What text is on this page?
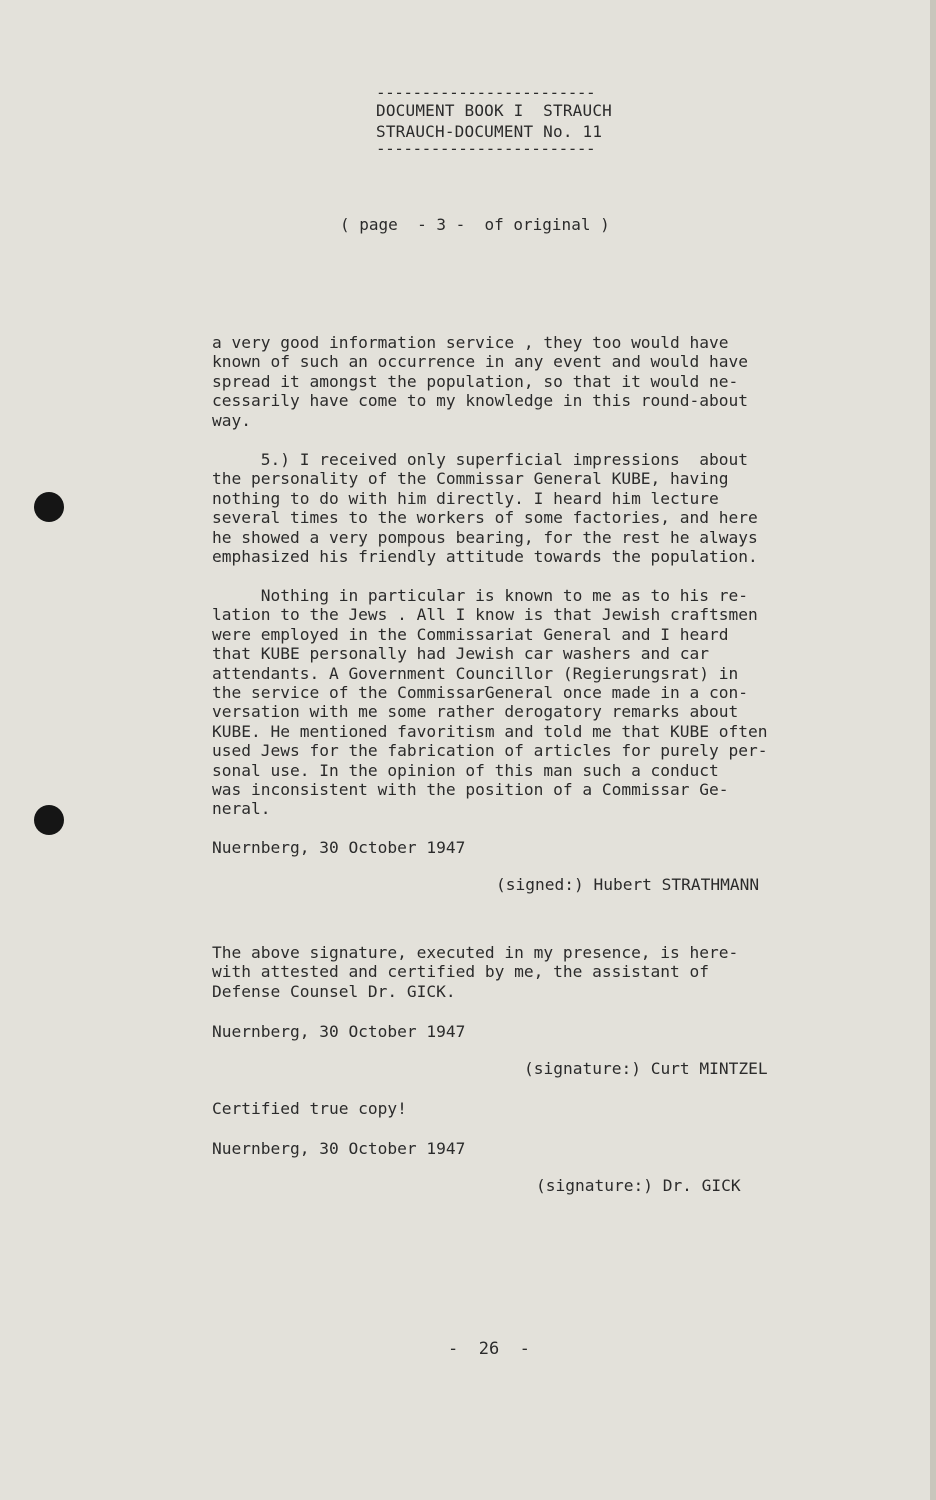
------------------------
DOCUMENT BOOK I  STRAUCH
STRAUCH-DOCUMENT No. 11
------------------------
( page  - 3 -  of original )
a very good information service , they too would have
known of such an occurrence in any event and would have
spread it amongst the population, so that it would ne-
cessarily have come to my knowledge in this round-about
way.
5.) I received only superficial impressions  about
the personality of the Commissar General KUBE, having
nothing to do with him directly. I heard him lecture
several times to the workers of some factories, and here
he showed a very pompous bearing, for the rest he always
emphasized his friendly attitude towards the population.
Nothing in particular is known to me as to his re-
lation to the Jews . All I know is that Jewish craftsmen
were employed in the Commissariat General and I heard
that KUBE personally had Jewish car washers and car
attendants. A Government Councillor (Regierungsrat) in
the service of the CommissarGeneral once made in a con-
versation with me some rather derogatory remarks about
KUBE. He mentioned favoritism and told me that KUBE often
used Jews for the fabrication of articles for purely per-
sonal use. In the opinion of this man such a conduct
was inconsistent with the position of a Commissar Ge-
neral.
Nuernberg, 30 October 1947
(signed:) Hubert STRATHMANN
The above signature, executed in my presence, is here-
with attested and certified by me, the assistant of
Defense Counsel Dr. GICK.
Nuernberg, 30 October 1947
(signature:) Curt MINTZEL
Certified true copy!
Nuernberg, 30 October 1947
(signature:) Dr. GICK
-  26  -
